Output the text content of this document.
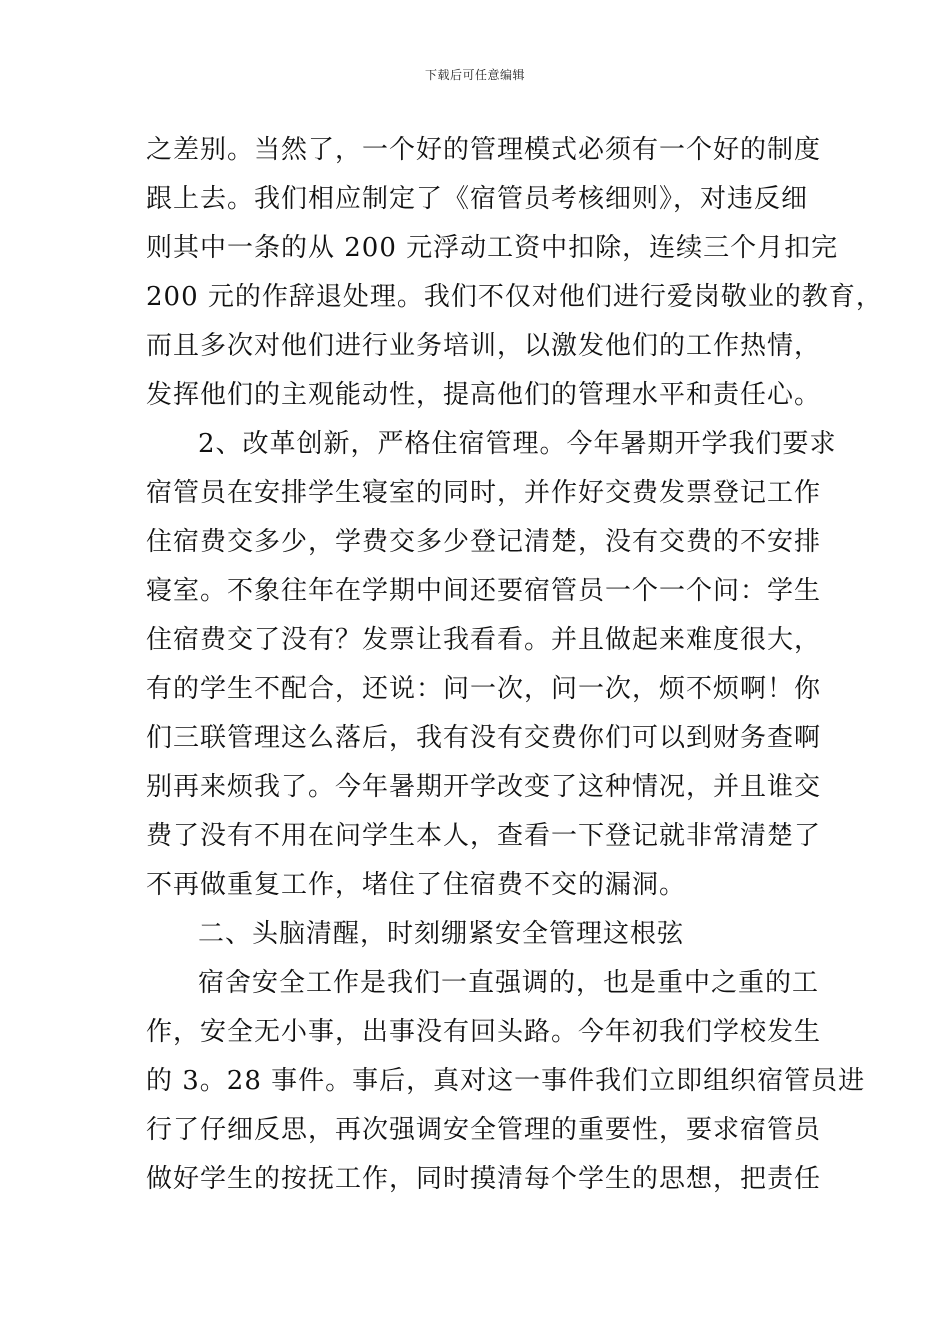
下载后可任意编辑
之差别。当然了，一个好的管理模式必须有一个好的制度
跟上去。我们相应制定了《宿管员考核细则》，对违反细
则其中一条的从 200 元浮动工资中扣除，连续三个月扣完
200 元的作辞退处理。我们不仅对他们进行爱岗敬业的教育，
而且多次对他们进行业务培训，以激发他们的工作热情，
发挥他们的主观能动性，提高他们的管理水平和责任心。
2、改革创新，严格住宿管理。今年暑期开学我们要求
宿管员在安排学生寝室的同时，并作好交费发票登记工作
住宿费交多少，学费交多少登记清楚，没有交费的不安排
寝室。不象往年在学期中间还要宿管员一个一个问：学生
住宿费交了没有？发票让我看看。并且做起来难度很大，
有的学生不配合，还说：问一次，问一次，烦不烦啊！你
们三联管理这么落后，我有没有交费你们可以到财务查啊
别再来烦我了。今年暑期开学改变了这种情况，并且谁交
费了没有不用在问学生本人，查看一下登记就非常清楚了
不再做重复工作，堵住了住宿费不交的漏洞。
二、头脑清醒，时刻绷紧安全管理这根弦
宿舍安全工作是我们一直强调的，也是重中之重的工
作，安全无小事，出事没有回头路。今年初我们学校发生
的 3。28 事件。事后，真对这一事件我们立即组织宿管员进
行了仔细反思，再次强调安全管理的重要性，要求宿管员
做好学生的按抚工作，同时摸清每个学生的思想，把责任
